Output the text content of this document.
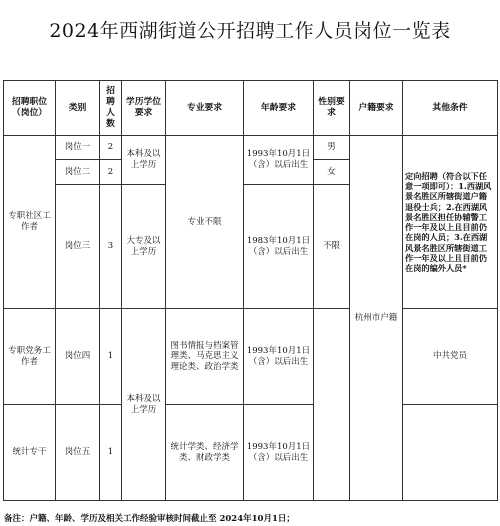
2024年西湖街道公开招聘工作人员岗位一览表
招聘职位（岗位）	类别	招聘人数	学历学位要求	专业要求	年龄要求	性别要求	户籍要求	其他条件
专职社区工作者	岗位一	2	本科及以上学历	专业不限	1993年10月1日（含）以后出生	男	杭州市户籍	定向招聘（符合以下任意一项即可）：1.西湖风景名胜区所辖街道户籍退役士兵；2.在西湖风景名胜区担任协辅警工作一年及以上且目前仍在岗的人员；3.在西湖风景名胜区所辖街道工作一年及以上且目前仍在岗的编外人员*
	岗位二	2				女		
	岗位三	3	大专及以上学历		1983年10月1日（含）以后出生	不限		
专职党务工作者	岗位四	1	本科及以上学历	图书情报与档案管理类、马克思主义理论类、政治学类	1993年10月1日（含）以后出生			中共党员
统计专干	岗位五	1		统计学类、经济学类、财政学类	1993年10月1日（含）以后出生			
备注：户籍、年龄、学历及相关工作经验审核时间截止至 2024年10月1日；
